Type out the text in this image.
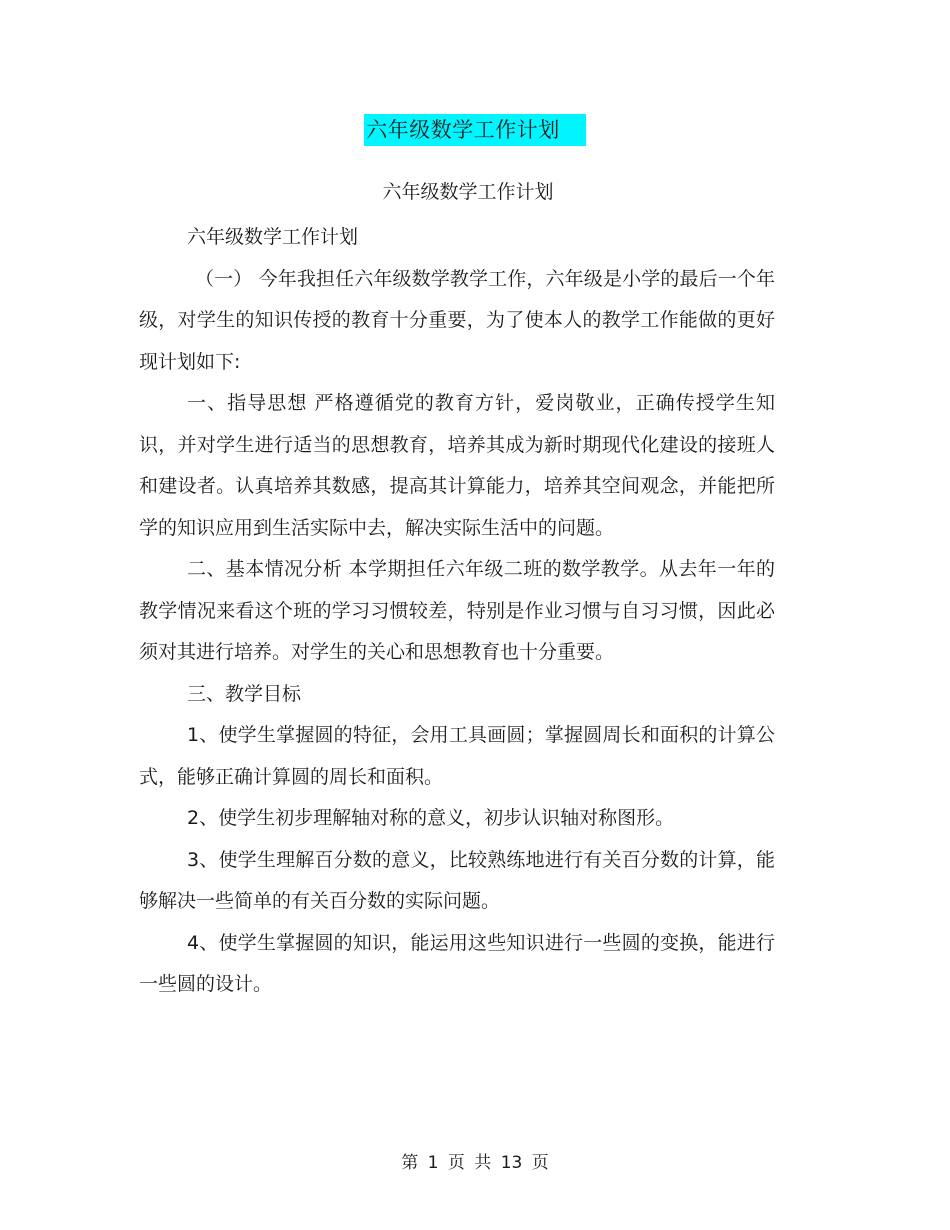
六年级数学工作计划
六年级数学工作计划

六年级数学工作计划

（一） 今年我担任六年级数学教学工作，六年级是小学的最后一个年级，对学生的知识传授的教育十分重要，为了使本人的教学工作能做的更好现计划如下:

一、指导思想 严格遵循党的教育方针，爱岗敬业，正确传授学生知识，并对学生进行适当的思想教育，培养其成为新时期现代化建设的接班人和建设者。认真培养其数感，提高其计算能力，培养其空间观念，并能把所学的知识应用到生活实际中去，解决实际生活中的问题。

二、基本情况分析 本学期担任六年级二班的数学教学。从去年一年的教学情况来看这个班的学习习惯较差，特别是作业习惯与自习习惯，因此必须对其进行培养。对学生的关心和思想教育也十分重要。

三、教学目标

1、使学生掌握圆的特征，会用工具画圆；掌握圆周长和面积的计算公式，能够正确计算圆的周长和面积。

2、使学生初步理解轴对称的意义，初步认识轴对称图形。

3、使学生理解百分数的意义，比较熟练地进行有关百分数的计算，能够解决一些简单的有关百分数的实际问题。

4、使学生掌握圆的知识，能运用这些知识进行一些圆的变换，能进行一些圆的设计。

第 1 页 共 13 页
